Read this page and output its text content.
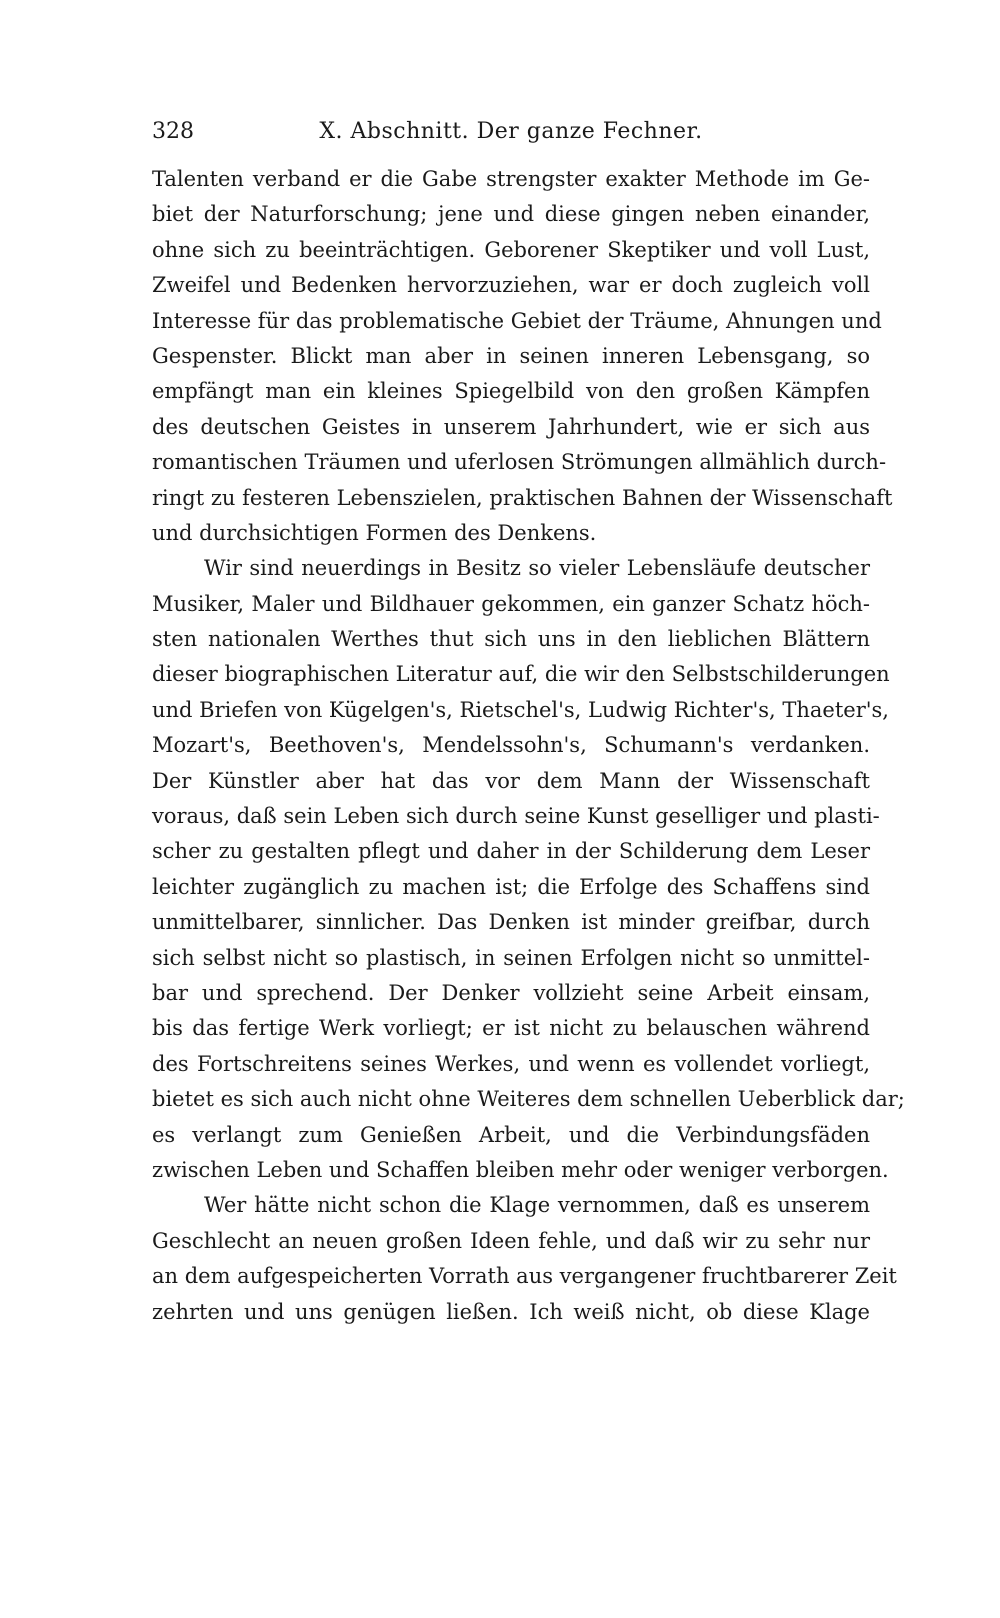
328	X. Abschnitt. Der ganze Fechner.
Talenten verband er die Gabe strengster exakter Methode im Ge-
biet der Naturforschung; jene und diese gingen neben einander,
ohne sich zu beeinträchtigen. Geborener Skeptiker und voll Lust,
Zweifel und Bedenken hervorzuziehen, war er doch zugleich voll
Interesse für das problematische Gebiet der Träume, Ahnungen und
Gespenster. Blickt man aber in seinen inneren Lebensgang, so
empfängt man ein kleines Spiegelbild von den großen Kämpfen
des deutschen Geistes in unserem Jahrhundert, wie er sich aus
romantischen Träumen und uferlosen Strömungen allmählich durch-
ringt zu festeren Lebenszielen, praktischen Bahnen der Wissenschaft
und durchsichtigen Formen des Denkens.
Wir sind neuerdings in Besitz so vieler Lebensläufe deutscher
Musiker, Maler und Bildhauer gekommen, ein ganzer Schatz höch-
sten nationalen Werthes thut sich uns in den lieblichen Blättern
dieser biographischen Literatur auf, die wir den Selbstschilderungen
und Briefen von Kügelgen's, Rietschel's, Ludwig Richter's, Thaeter's,
Mozart's, Beethoven's, Mendelssohn's, Schumann's verdanken.
Der Künstler aber hat das vor dem Mann der Wissenschaft
voraus, daß sein Leben sich durch seine Kunst geselliger und plasti-
scher zu gestalten pflegt und daher in der Schilderung dem Leser
leichter zugänglich zu machen ist; die Erfolge des Schaffens sind
unmittelbarer, sinnlicher. Das Denken ist minder greifbar, durch
sich selbst nicht so plastisch, in seinen Erfolgen nicht so unmittel-
bar und sprechend. Der Denker vollzieht seine Arbeit einsam,
bis das fertige Werk vorliegt; er ist nicht zu belauschen während
des Fortschreitens seines Werkes, und wenn es vollendet vorliegt,
bietet es sich auch nicht ohne Weiteres dem schnellen Ueberblick dar;
es verlangt zum Genießen Arbeit, und die Verbindungsfäden
zwischen Leben und Schaffen bleiben mehr oder weniger verborgen.
Wer hätte nicht schon die Klage vernommen, daß es unserem
Geschlecht an neuen großen Ideen fehle, und daß wir zu sehr nur
an dem aufgespeicherten Vorrath aus vergangener fruchtbarerer Zeit
zehrten und uns genügen ließen. Ich weiß nicht, ob diese Klage
